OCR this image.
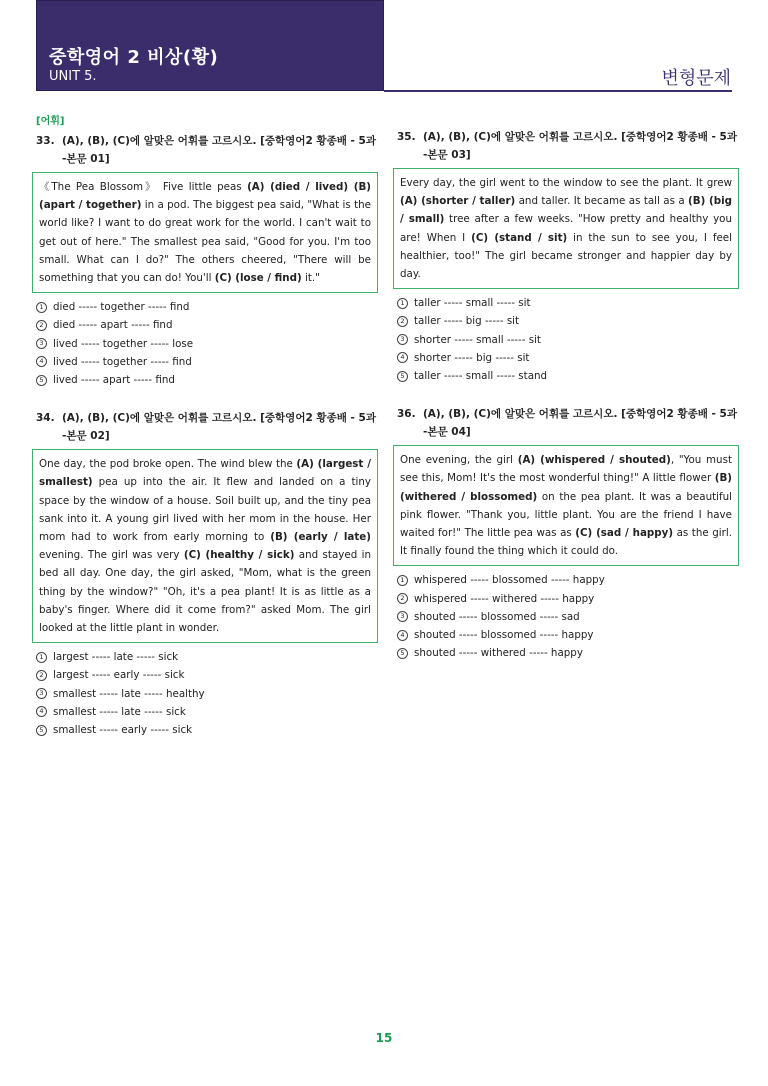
중학영어 2 비상(황)
UNIT 5.	변형문제
[어휘]
33. (A), (B), (C)에 알맞은 어휘를 고르시오. [중학영어2 황종배 - 5과 -본문 01]
《The Pea Blossom》 Five little peas (A) (died / lived) (B) (apart / together) in a pod. The biggest pea said, "What is the world like? I want to do great work for the world. I can't wait to get out of here." The smallest pea said, "Good for you. I'm too small. What can I do?" The others cheered, "There will be something that you can do! You'll (C) (lose / find) it."
1 died ----- together ----- find
2 died ----- apart ----- find
3 lived ----- together ----- lose
4 lived ----- together ----- find
5 lived ----- apart ----- find
34. (A), (B), (C)에 알맞은 어휘를 고르시오. [중학영어2 황종배 - 5과 -본문 02]
One day, the pod broke open. The wind blew the (A) (largest / smallest) pea up into the air. It flew and landed on a tiny space by the window of a house. Soil built up, and the tiny pea sank into it. A young girl lived with her mom in the house. Her mom had to work from early morning to (B) (early / late) evening. The girl was very (C) (healthy / sick) and stayed in bed all day. One day, the girl asked, "Mom, what is the green thing by the window?" "Oh, it's a pea plant! It is as little as a baby's finger. Where did it come from?" asked Mom. The girl looked at the little plant in wonder.
1 largest ----- late ----- sick
2 largest ----- early ----- sick
3 smallest ----- late ----- healthy
4 smallest ----- late ----- sick
5 smallest ----- early ----- sick
35. (A), (B), (C)에 알맞은 어휘를 고르시오. [중학영어2 황종배 - 5과 -본문 03]
Every day, the girl went to the window to see the plant. It grew (A) (shorter / taller) and taller. It became as tall as a (B) (big / small) tree after a few weeks. "How pretty and healthy you are! When I (C) (stand / sit) in the sun to see you, I feel healthier, too!" The girl became stronger and happier day by day.
1 taller ----- small ----- sit
2 taller ----- big ----- sit
3 shorter ----- small ----- sit
4 shorter ----- big ----- sit
5 taller ----- small ----- stand
36. (A), (B), (C)에 알맞은 어휘를 고르시오. [중학영어2 황종배 - 5과 -본문 04]
One evening, the girl (A) (whispered / shouted), "You must see this, Mom! It's the most wonderful thing!" A little flower (B) (withered / blossomed) on the pea plant. It was a beautiful pink flower. "Thank you, little plant. You are the friend I have waited for!" The little pea was as (C) (sad / happy) as the girl. It finally found the thing which it could do.
1 whispered ----- blossomed ----- happy
2 whispered ----- withered ----- happy
3 shouted ----- blossomed ----- sad
4 shouted ----- blossomed ----- happy
5 shouted ----- withered ----- happy
15
